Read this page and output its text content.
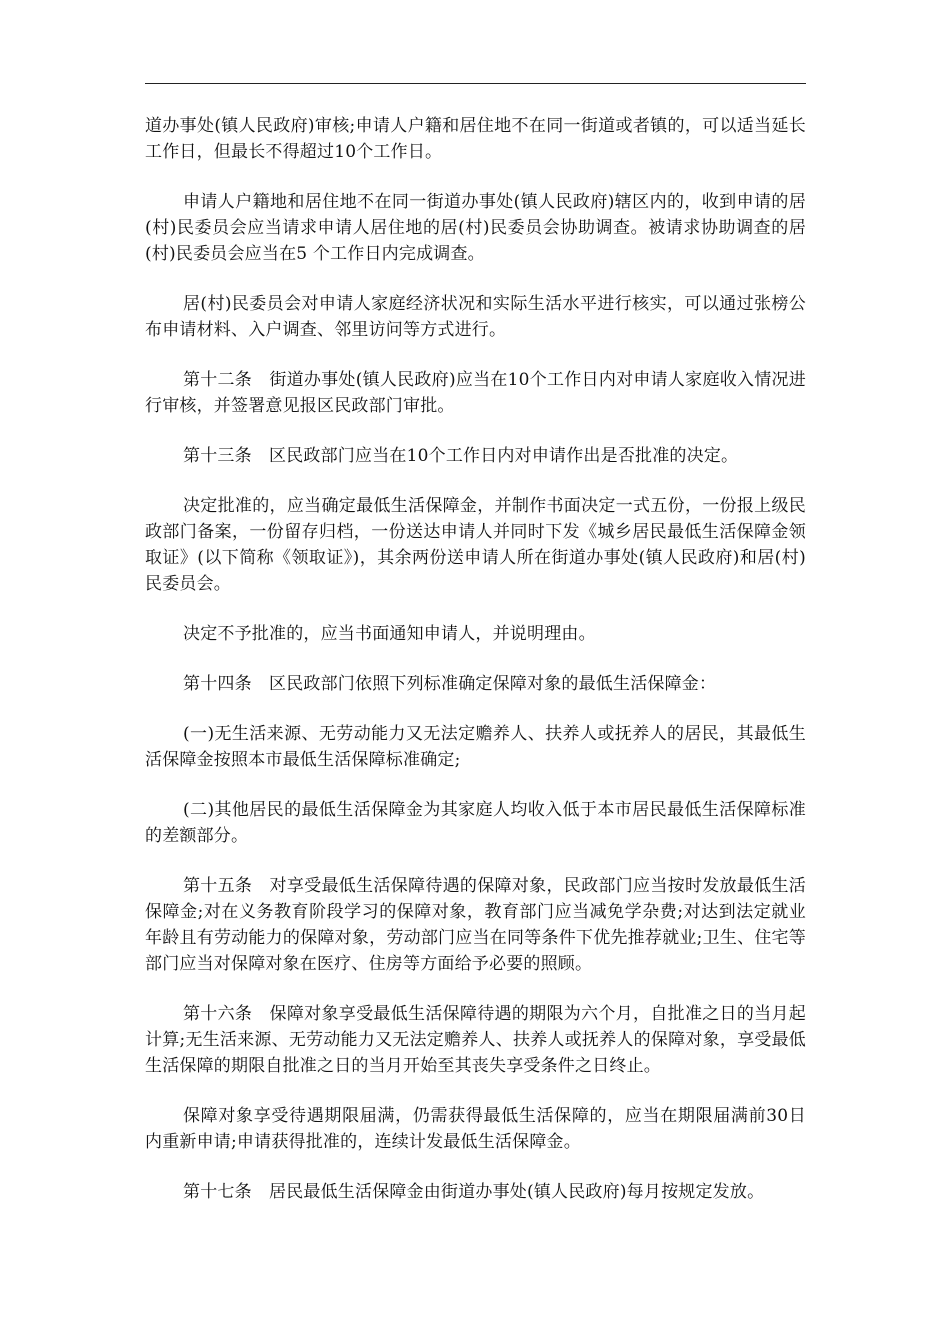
道办事处(镇人民政府)审核;申请人户籍和居住地不在同一街道或者镇的，可以适当延长工作日，但最长不得超过10个工作日。

申请人户籍地和居住地不在同一街道办事处(镇人民政府)辖区内的，收到申请的居(村)民委员会应当请求申请人居住地的居(村)民委员会协助调查。被请求协助调查的居(村)民委员会应当在5 个工作日内完成调查。

居(村)民委员会对申请人家庭经济状况和实际生活水平进行核实，可以通过张榜公布申请材料、入户调查、邻里访问等方式进行。

第十二条　街道办事处(镇人民政府)应当在10个工作日内对申请人家庭收入情况进行审核，并签署意见报区民政部门审批。

第十三条　区民政部门应当在10个工作日内对申请作出是否批准的决定。

决定批准的，应当确定最低生活保障金，并制作书面决定一式五份，一份报上级民政部门备案，一份留存归档，一份送达申请人并同时下发《城乡居民最低生活保障金领取证》(以下简称《领取证》)，其余两份送申请人所在街道办事处(镇人民政府)和居(村)民委员会。

决定不予批准的，应当书面通知申请人，并说明理由。

第十四条　区民政部门依照下列标准确定保障对象的最低生活保障金：

(一)无生活来源、无劳动能力又无法定赡养人、扶养人或抚养人的居民，其最低生活保障金按照本市最低生活保障标准确定;

(二)其他居民的最低生活保障金为其家庭人均收入低于本市居民最低生活保障标准的差额部分。

第十五条　对享受最低生活保障待遇的保障对象，民政部门应当按时发放最低生活保障金;对在义务教育阶段学习的保障对象，教育部门应当减免学杂费;对达到法定就业年龄且有劳动能力的保障对象，劳动部门应当在同等条件下优先推荐就业;卫生、住宅等部门应当对保障对象在医疗、住房等方面给予必要的照顾。

第十六条　保障对象享受最低生活保障待遇的期限为六个月，自批准之日的当月起计算;无生活来源、无劳动能力又无法定赡养人、扶养人或抚养人的保障对象，享受最低生活保障的期限自批准之日的当月开始至其丧失享受条件之日终止。

保障对象享受待遇期限届满，仍需获得最低生活保障的，应当在期限届满前30日内重新申请;申请获得批准的，连续计发最低生活保障金。

第十七条　居民最低生活保障金由街道办事处(镇人民政府)每月按规定发放。
